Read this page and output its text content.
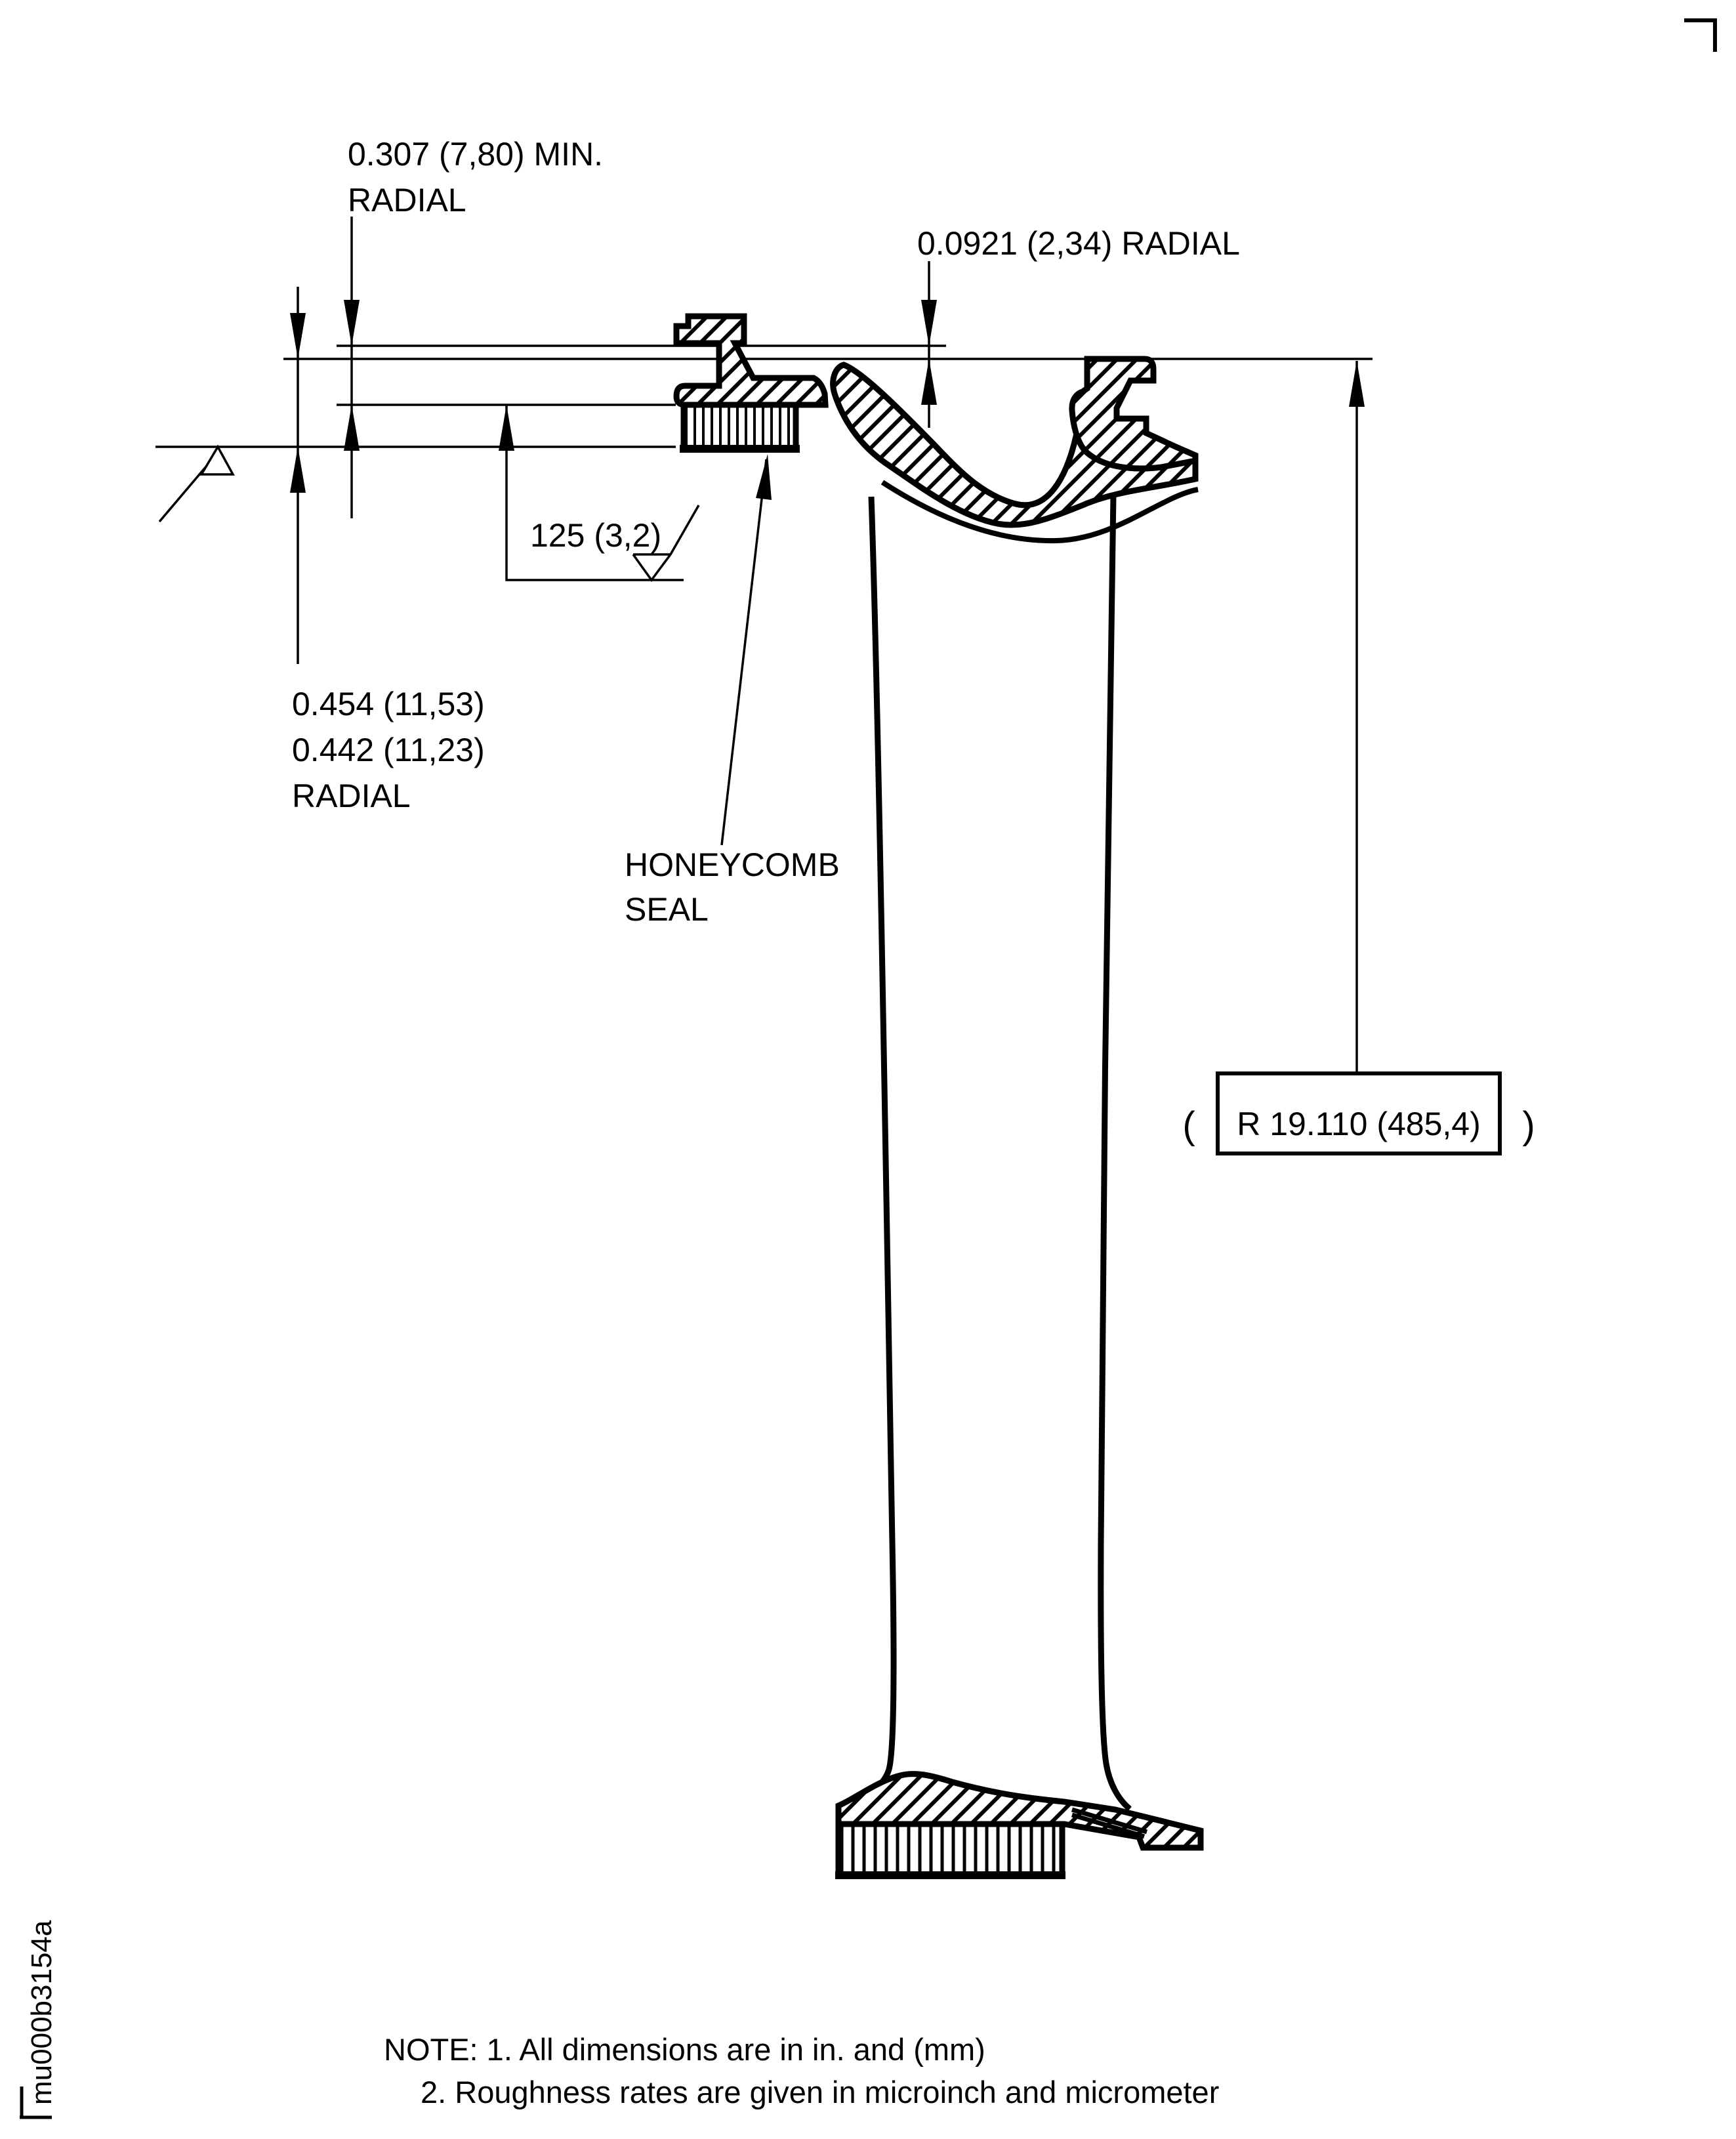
( R 19.110 (485,4) )
0.307 (7,80) MIN.
RADIAL
0.0921 (2,34) RADIAL
125 (3,2)
0.454 (11,53)
0.442 (11,23)
RADIAL
HONEYCOMB
SEAL
NOTE: 1. All dimensions are in in. and (mm)
2. Roughness rates are given in microinch and micrometer
mu000b3154a
